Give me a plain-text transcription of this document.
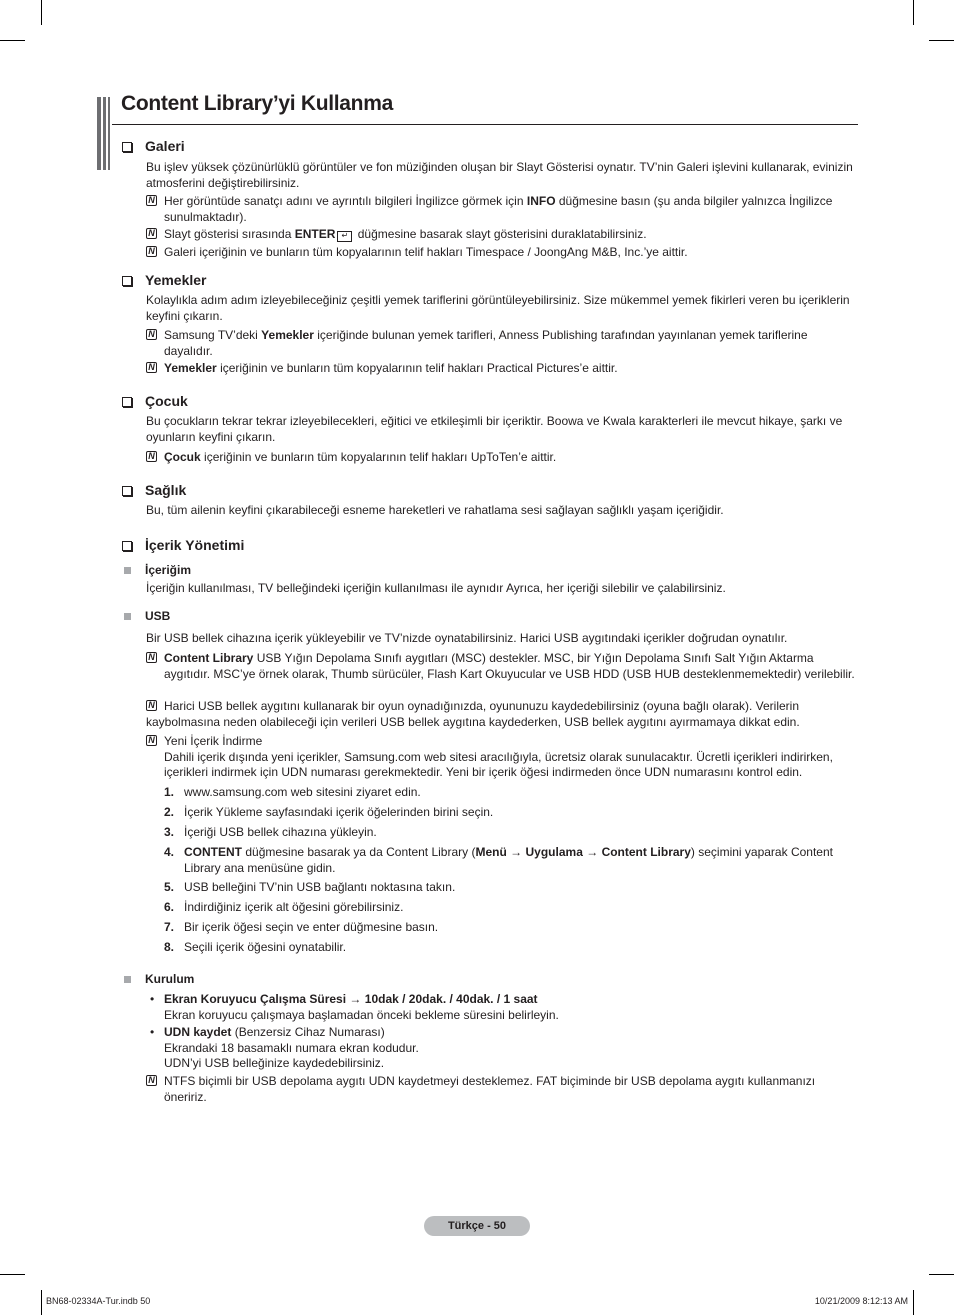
Content Library’yi Kullanma
Galeri
Bu işlev yüksek çözünürlüklü görüntüler ve fon müziğinden oluşan bir Slayt Gösterisi oynatır. TV’nin Galeri işlevini kullanarak, evinizin atmosferini değiştirebilirsiniz.
N Her görüntüde sanatçı adını ve ayrıntılı bilgileri İngilizce görmek için INFO düğmesine basın (şu anda bilgiler yalnızca İngilizce sunulmaktadır).
N Slayt gösterisi sırasında ENTER ↵ düğmesine basarak slayt gösterisini duraklatabilirsiniz.
N Galeri içeriğinin ve bunların tüm kopyalarının telif hakları Timespace / JoongAng M&B, Inc.’ye aittir.
Yemekler
Kolaylıkla adım adım izleyebileceğiniz çeşitli yemek tariflerini görüntüleyebilirsiniz. Size mükemmel yemek fikirleri veren bu içeriklerin keyfini çıkarın.
N Samsung TV’deki Yemekler içeriğinde bulunan yemek tarifleri, Anness Publishing tarafından yayınlanan yemek tariflerine dayalıdır.
N Yemekler içeriğinin ve bunların tüm kopyalarının telif hakları Practical Pictures’e aittir.
Çocuk
Bu çocukların tekrar tekrar izleyebilecekleri, eğitici ve etkileşimli bir içeriktir. Boowa ve Kwala karakterleri ile mevcut hikaye, şarkı ve oyunların keyfini çıkarın.
N Çocuk içeriğinin ve bunların tüm kopyalarının telif hakları UpToTen’e aittir.
Sağlık
Bu, tüm ailenin keyfini çıkarabileceği esneme hareketleri ve rahatlama sesi sağlayan sağlıklı yaşam içeriğidir.
İçerik Yönetimi
İçeriğim
İçeriğin kullanılması, TV belleğindeki içeriğin kullanılması ile aynıdır Ayrıca, her içeriği silebilir ve çalabilirsiniz.
USB
Bir USB bellek cihazına içerik yükleyebilir ve TV’nizde oynatabilirsiniz. Harici USB aygıtındaki içerikler doğrudan oynatılır.
N Content Library USB Yığın Depolama Sınıfı aygıtları (MSC) destekler. MSC, bir Yığın Depolama Sınıfı Salt Yığın Aktarma aygıtıdır. MSC’ye örnek olarak, Thumb sürücüler, Flash Kart Okuyucular ve USB HDD (USB HUB desteklenmemektedir) verilebilir.
N Harici USB bellek aygıtını kullanarak bir oyun oynadığınızda, oyununuzu kaydedebilirsiniz (oyuna bağlı olarak). Verilerin kaybolmasına neden olabileceği için verileri USB bellek aygıtına kaydederken, USB bellek aygıtını ayırmamaya dikkat edin.
N Yeni İçerik İndirme
Dahili içerik dışında yeni içerikler, Samsung.com web sitesi aracılığıyla, ücretsiz olarak sunulacaktır. Ücretli içerikleri indirirken, içerikleri indirmek için UDN numarası gerekmektedir. Yeni bir içerik öğesi indirmeden önce UDN numarasını kontrol edin.
1. www.samsung.com web sitesini ziyaret edin.
2. İçerik Yükleme sayfasındaki içerik öğelerinden birini seçin.
3. İçeriği USB bellek cihazına yükleyin.
4. CONTENT düğmesine basarak ya da Content Library (Menü → Uygulama → Content Library) seçimini yaparak Content Library ana menüsüne gidin.
5. USB belleğini TV’nin USB bağlantı noktasına takın.
6. İndirdiğiniz içerik alt öğesini görebilirsiniz.
7. Bir içerik öğesi seçin ve enter düğmesine basın.
8. Seçili içerik öğesini oynatabilir.
Kurulum
• Ekran Koruyucu Çalışma Süresi → 10dak / 20dak. / 40dak. / 1 saat
Ekran koruyucu çalışmaya başlamadan önceki bekleme süresini belirleyin.
• UDN kaydet (Benzersiz Cihaz Numarası)
Ekrandaki 18 basamaklı numara ekran kodudur.
UDN’yi USB belleğinize kaydedebilirsiniz.
N NTFS biçimli bir USB depolama aygıtı UDN kaydetmeyi desteklemez. FAT biçiminde bir USB depolama aygıtı kullanmanızı öneririz.
Türkçe - 50
BN68-02334A-Tur.indb 50	10/21/2009 8:12:13 AM
